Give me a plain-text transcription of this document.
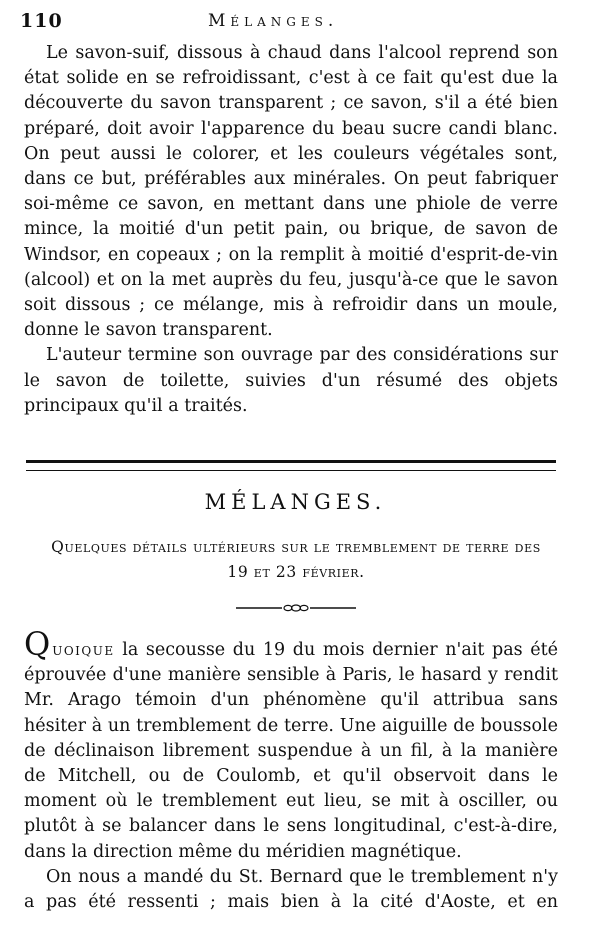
110	Mélanges.

Le savon-suif, dissous à chaud dans l'alcool reprend son état solide en se refroidissant, c'est à ce fait qu'est due la découverte du savon transparent ; ce savon, s'il a été bien préparé, doit avoir l'apparence du beau sucre candi blanc. On peut aussi le colorer, et les couleurs végétales sont, dans ce but, préférables aux minérales. On peut fabriquer soi-même ce savon, en mettant dans une phiole de verre mince, la moitié d'un petit pain, ou brique, de savon de Windsor, en copeaux ; on la remplit à moitié d'esprit-de-vin (alcool) et on la met auprès du feu, jusqu'à-ce que le savon soit dissous ; ce mélange, mis à refroidir dans un moule, donne le savon transparent.

L'auteur termine son ouvrage par des considérations sur le savon de toilette, suivies d'un résumé des objets principaux qu'il a traités.

MÉLANGES.
Quelques détails ultérieurs sur le tremblement de terre des 19 et 23 février.

Quoique la secousse du 19 du mois dernier n'ait pas été éprouvée d'une manière sensible à Paris, le hasard y rendit Mr. Arago témoin d'un phénomène qu'il attribua sans hésiter à un tremblement de terre. Une aiguille de boussole de déclinaison librement suspendue à un fil, à la manière de Mitchell, ou de Coulomb, et qu'il observoit dans le moment où le tremblement eut lieu, se mit à osciller, ou plutôt à se balancer dans le sens longitudinal, c'est-à-dire, dans la direction même du méridien magnétique.

On nous a mandé du St. Bernard que le tremblement n'y a pas été ressenti ; mais bien à la cité d'Aoste, et en
